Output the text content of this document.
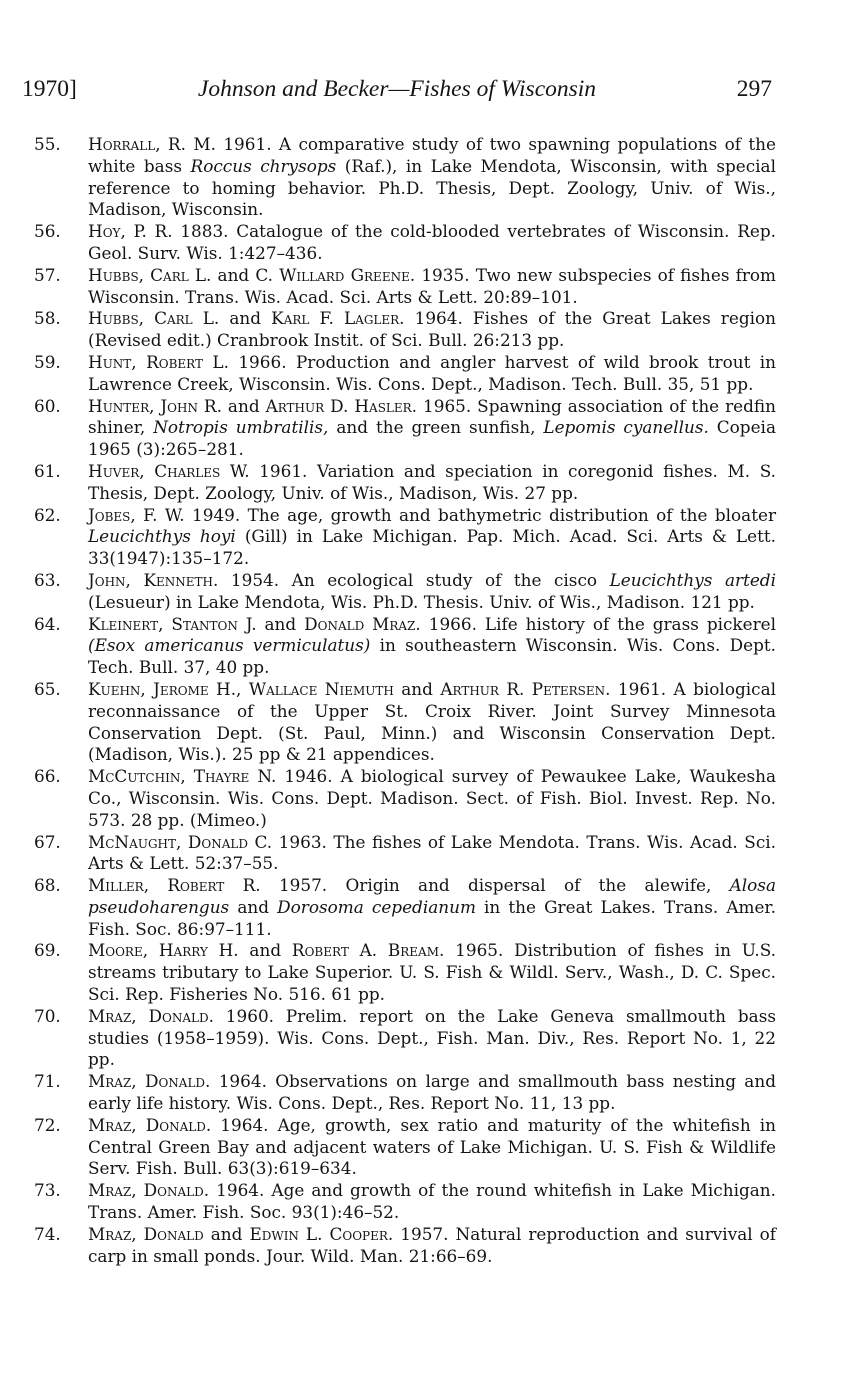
1970]	Johnson and Becker—Fishes of Wisconsin	297
55. Horrall, R. M. 1961. A comparative study of two spawning populations of the white bass Roccus chrysops (Raf.), in Lake Mendota, Wisconsin, with special reference to homing behavior. Ph.D. Thesis, Dept. Zoology, Univ. of Wis., Madison, Wisconsin.
56. Hoy, P. R. 1883. Catalogue of the cold-blooded vertebrates of Wisconsin. Rep. Geol. Surv. Wis. 1:427–436.
57. Hubbs, Carl L. and C. Willard Greene. 1935. Two new subspecies of fishes from Wisconsin. Trans. Wis. Acad. Sci. Arts & Lett. 20:89–101.
58. Hubbs, Carl L. and Karl F. Lagler. 1964. Fishes of the Great Lakes region (Revised edit.) Cranbrook Instit. of Sci. Bull. 26:213 pp.
59. Hunt, Robert L. 1966. Production and angler harvest of wild brook trout in Lawrence Creek, Wisconsin. Wis. Cons. Dept., Madison. Tech. Bull. 35, 51 pp.
60. Hunter, John R. and Arthur D. Hasler. 1965. Spawning association of the redfin shiner, Notropis umbratilis, and the green sunfish, Lepomis cyanellus. Copeia 1965 (3):265–281.
61. Huver, Charles W. 1961. Variation and speciation in coregonid fishes. M. S. Thesis, Dept. Zoology, Univ. of Wis., Madison, Wis. 27 pp.
62. Jobes, F. W. 1949. The age, growth and bathymetric distribution of the bloater Leucichthys hoyi (Gill) in Lake Michigan. Pap. Mich. Acad. Sci. Arts & Lett. 33(1947):135–172.
63. John, Kenneth. 1954. An ecological study of the cisco Leucichthys artedi (Lesueur) in Lake Mendota, Wis. Ph.D. Thesis. Univ. of Wis., Madison. 121 pp.
64. Kleinert, Stanton J. and Donald Mraz. 1966. Life history of the grass pickerel (Esox americanus vermiculatus) in southeastern Wisconsin. Wis. Cons. Dept. Tech. Bull. 37, 40 pp.
65. Kuehn, Jerome H., Wallace Niemuth and Arthur R. Petersen. 1961. A biological reconnaissance of the Upper St. Croix River. Joint Survey Minnesota Conservation Dept. (St. Paul, Minn.) and Wisconsin Conservation Dept. (Madison, Wis.). 25 pp & 21 appendices.
66. McCutchin, Thayre N. 1946. A biological survey of Pewaukee Lake, Waukesha Co., Wisconsin. Wis. Cons. Dept. Madison. Sect. of Fish. Biol. Invest. Rep. No. 573. 28 pp. (Mimeo.)
67. McNaught, Donald C. 1963. The fishes of Lake Mendota. Trans. Wis. Acad. Sci. Arts & Lett. 52:37–55.
68. Miller, Robert R. 1957. Origin and dispersal of the alewife, Alosa pseudoharengus and Dorosoma cepedianum in the Great Lakes. Trans. Amer. Fish. Soc. 86:97–111.
69. Moore, Harry H. and Robert A. Bream. 1965. Distribution of fishes in U.S. streams tributary to Lake Superior. U. S. Fish & Wildl. Serv., Wash., D. C. Spec. Sci. Rep. Fisheries No. 516. 61 pp.
70. Mraz, Donald. 1960. Prelim. report on the Lake Geneva smallmouth bass studies (1958–1959). Wis. Cons. Dept., Fish. Man. Div., Res. Report No. 1, 22 pp.
71. Mraz, Donald. 1964. Observations on large and smallmouth bass nesting and early life history. Wis. Cons. Dept., Res. Report No. 11, 13 pp.
72. Mraz, Donald. 1964. Age, growth, sex ratio and maturity of the whitefish in Central Green Bay and adjacent waters of Lake Michigan. U. S. Fish & Wildlife Serv. Fish. Bull. 63(3):619–634.
73. Mraz, Donald. 1964. Age and growth of the round whitefish in Lake Michigan. Trans. Amer. Fish. Soc. 93(1):46–52.
74. Mraz, Donald and Edwin L. Cooper. 1957. Natural reproduction and survival of carp in small ponds. Jour. Wild. Man. 21:66–69.
